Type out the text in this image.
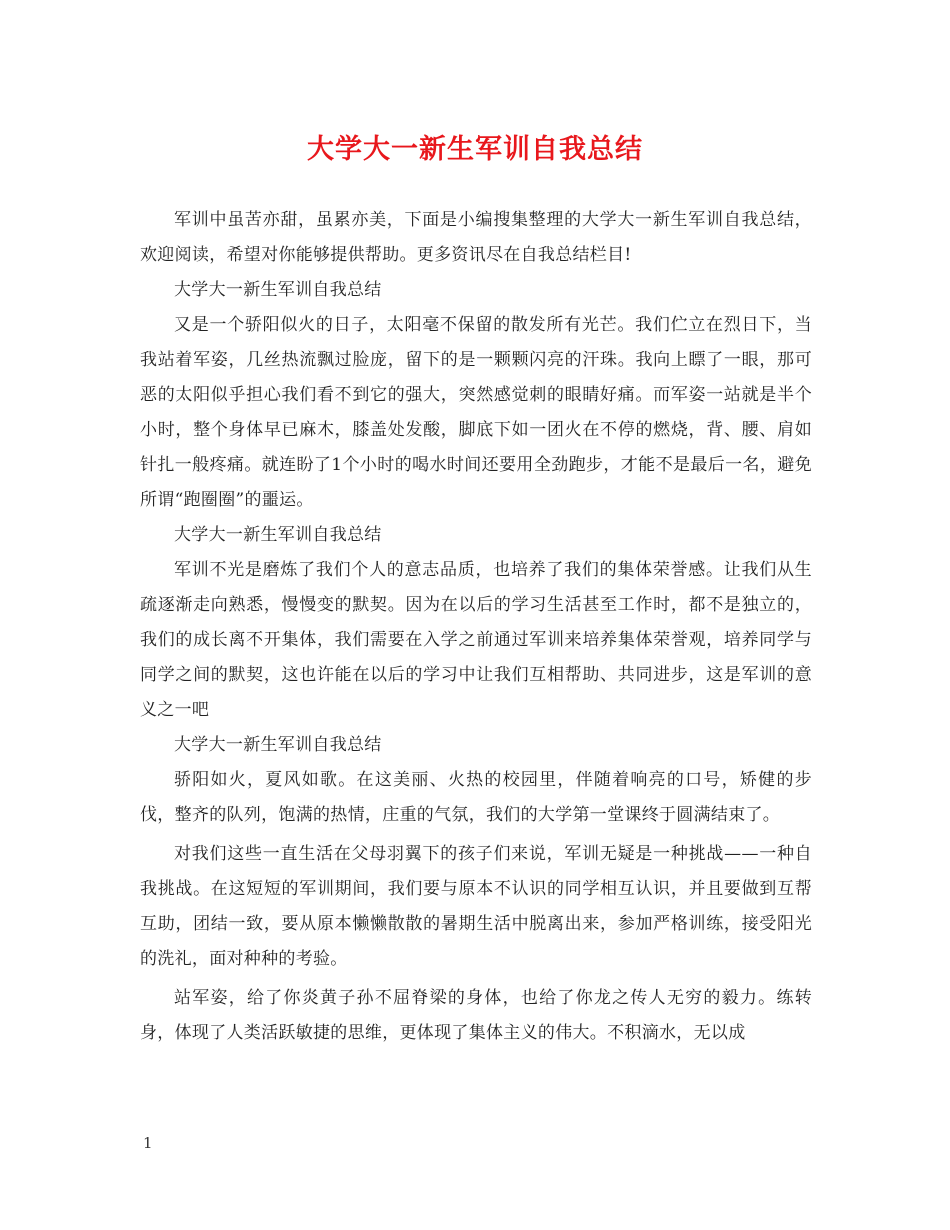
大学大一新生军训自我总结

军训中虽苦亦甜，虽累亦美，下面是小编搜集整理的大学大一新生军训自我总结，欢迎阅读，希望对你能够提供帮助。更多资讯尽在自我总结栏目!

大学大一新生军训自我总结

又是一个骄阳似火的日子，太阳毫不保留的散发所有光芒。我们伫立在烈日下，当我站着军姿，几丝热流飘过脸庞，留下的是一颗颗闪亮的汗珠。我向上瞟了一眼，那可恶的太阳似乎担心我们看不到它的强大，突然感觉刺的眼睛好痛。而军姿一站就是半个小时，整个身体早已麻木，膝盖处发酸，脚底下如一团火在不停的燃烧，背、腰、肩如针扎一般疼痛。就连盼了1个小时的喝水时间还要用全劲跑步，才能不是最后一名，避免所谓“跑圈圈”的噩运。

大学大一新生军训自我总结

军训不光是磨炼了我们个人的意志品质，也培养了我们的集体荣誉感。让我们从生疏逐渐走向熟悉，慢慢变的默契。因为在以后的学习生活甚至工作时，都不是独立的，我们的成长离不开集体，我们需要在入学之前通过军训来培养集体荣誉观，培养同学与同学之间的默契，这也许能在以后的学习中让我们互相帮助、共同进步，这是军训的意义之一吧

大学大一新生军训自我总结

骄阳如火，夏风如歌。在这美丽、火热的校园里，伴随着响亮的口号，矫健的步伐，整齐的队列，饱满的热情，庄重的气氛，我们的大学第一堂课终于圆满结束了。

对我们这些一直生活在父母羽翼下的孩子们来说，军训无疑是一种挑战——一种自我挑战。在这短短的军训期间，我们要与原本不认识的同学相互认识，并且要做到互帮互助，团结一致，要从原本懒懒散散的暑期生活中脱离出来，参加严格训练，接受阳光的洗礼，面对种种的考验。

站军姿，给了你炎黄子孙不屈脊梁的身体，也给了你龙之传人无穷的毅力。练转身，体现了人类活跃敏捷的思维，更体现了集体主义的伟大。不积滴水，无以成

1
